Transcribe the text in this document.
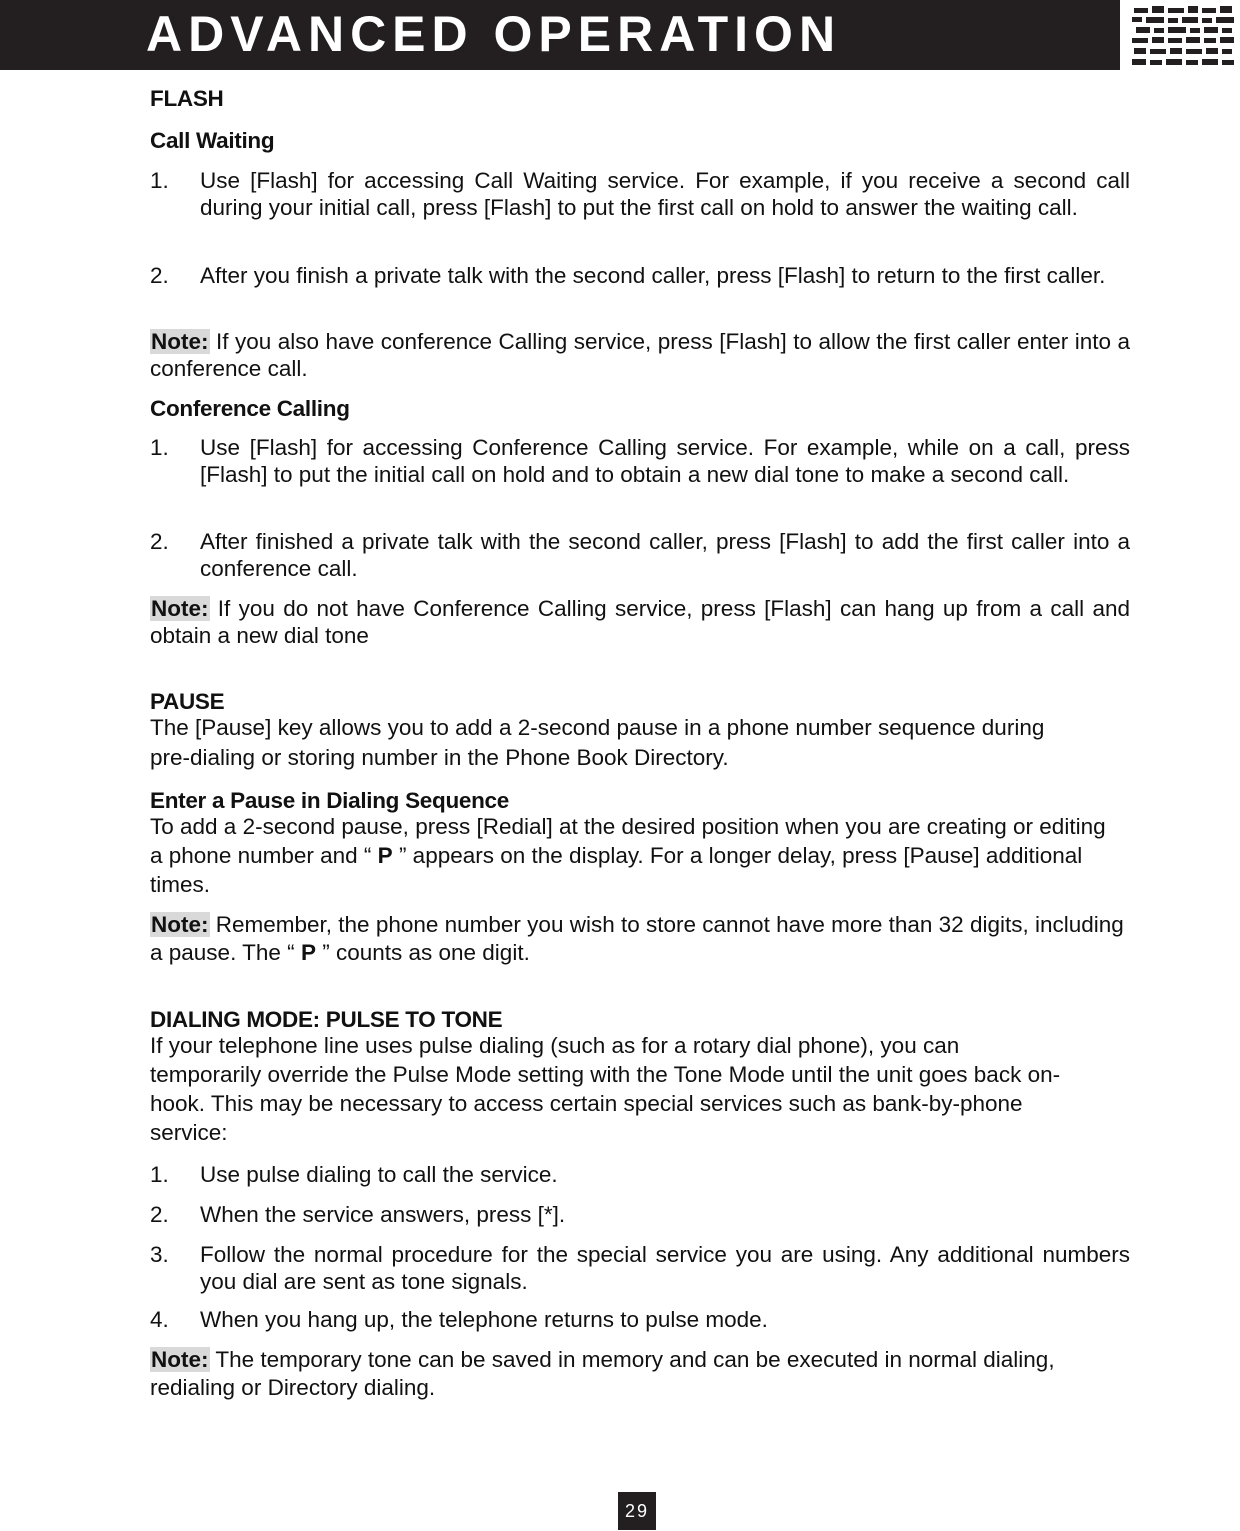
ADVANCED OPERATION
FLASH
Call Waiting
1.	Use [Flash] for accessing Call Waiting service. For example, if you receive a second call during your initial call, press [Flash] to put the first call on hold to answer the waiting call.
2.	After you finish a private talk with the second caller, press [Flash] to return to the first caller.
Note: If you also have conference Calling service, press [Flash] to allow the first caller enter into a conference call.
Conference Calling
1.	Use [Flash] for accessing Conference Calling service. For example, while on a call, press [Flash] to put the initial call on hold and to obtain a new dial tone to make a second call.
2.	After finished a private talk with the second caller, press [Flash] to add the first caller into a conference call.
Note: If you do not have Conference Calling service, press [Flash] can hang up from a call and obtain a new dial tone
PAUSE
The [Pause] key allows you to add a 2-second pause in a phone number sequence during pre-dialing or storing number in the Phone Book Directory.
Enter a Pause in Dialing Sequence
To add a 2-second pause, press [Redial] at the desired position when you are creating or editing a phone number and “ P ” appears on the display. For a longer delay, press [Pause] additional times.
Note: Remember, the phone number you wish to store cannot have more than 32 digits, including a pause. The “ P ” counts as one digit.
DIALING MODE: PULSE TO TONE
If your telephone line uses pulse dialing (such as for a rotary dial phone), you can temporarily override the Pulse Mode setting with the Tone Mode until the unit goes back on-hook. This may be necessary to access certain special services such as bank-by-phone service:
1.	Use pulse dialing to call the service.
2.	When the service answers, press [*].
3.	Follow the normal procedure for the special service you are using. Any additional numbers you dial are sent as tone signals.
4.	When you hang up, the telephone returns to pulse mode.
Note: The temporary tone can be saved in memory and can be executed in normal dialing, redialing or Directory dialing.
29
